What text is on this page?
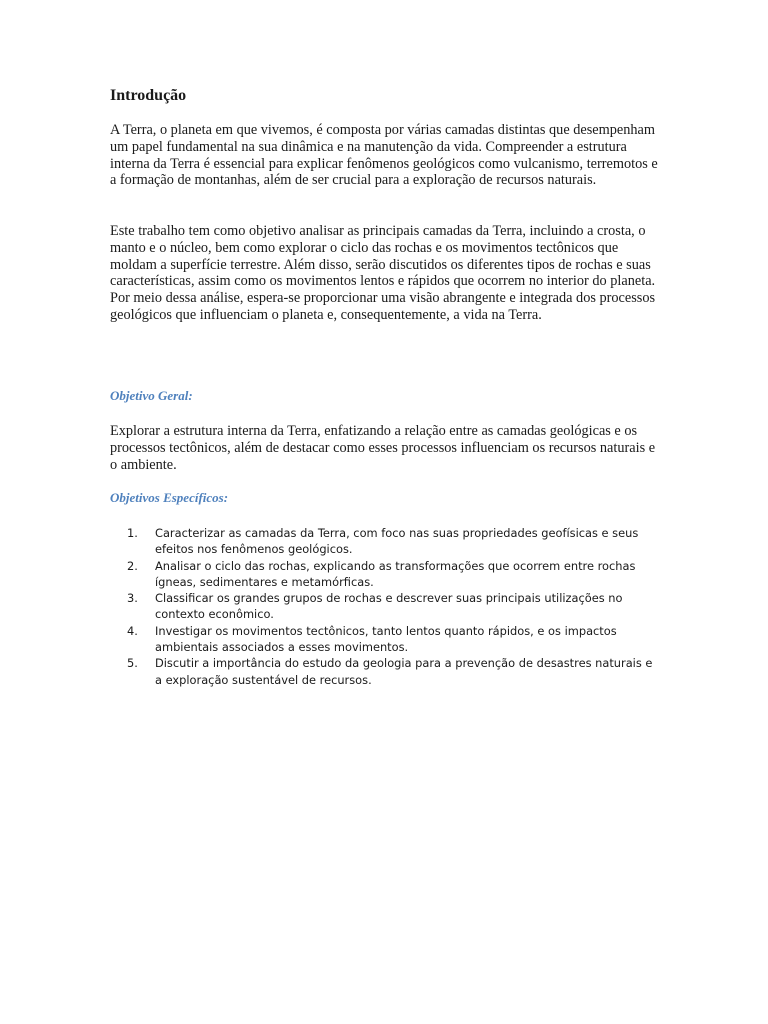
Introdução

A Terra, o planeta em que vivemos, é composta por várias camadas distintas que desempenham um papel fundamental na sua dinâmica e na manutenção da vida. Compreender a estrutura interna da Terra é essencial para explicar fenômenos geológicos como vulcanismo, terremotos e a formação de montanhas, além de ser crucial para a exploração de recursos naturais.

Este trabalho tem como objetivo analisar as principais camadas da Terra, incluindo a crosta, o manto e o núcleo, bem como explorar o ciclo das rochas e os movimentos tectônicos que moldam a superfície terrestre. Além disso, serão discutidos os diferentes tipos de rochas e suas características, assim como os movimentos lentos e rápidos que ocorrem no interior do planeta. Por meio dessa análise, espera-se proporcionar uma visão abrangente e integrada dos processos geológicos que influenciam o planeta e, consequentemente, a vida na Terra.

Objetivo Geral:

Explorar a estrutura interna da Terra, enfatizando a relação entre as camadas geológicas e os processos tectônicos, além de destacar como esses processos influenciam os recursos naturais e o ambiente.

Objetivos Específicos:
1.	Caracterizar as camadas da Terra, com foco nas suas propriedades geofísicas e seus efeitos nos fenômenos geológicos.
2.	Analisar o ciclo das rochas, explicando as transformações que ocorrem entre rochas ígneas, sedimentares e metamórficas.
3.	Classificar os grandes grupos de rochas e descrever suas principais utilizações no contexto econômico.
4.	Investigar os movimentos tectônicos, tanto lentos quanto rápidos, e os impactos ambientais associados a esses movimentos.
5.	Discutir a importância do estudo da geologia para a prevenção de desastres naturais e a exploração sustentável de recursos.
